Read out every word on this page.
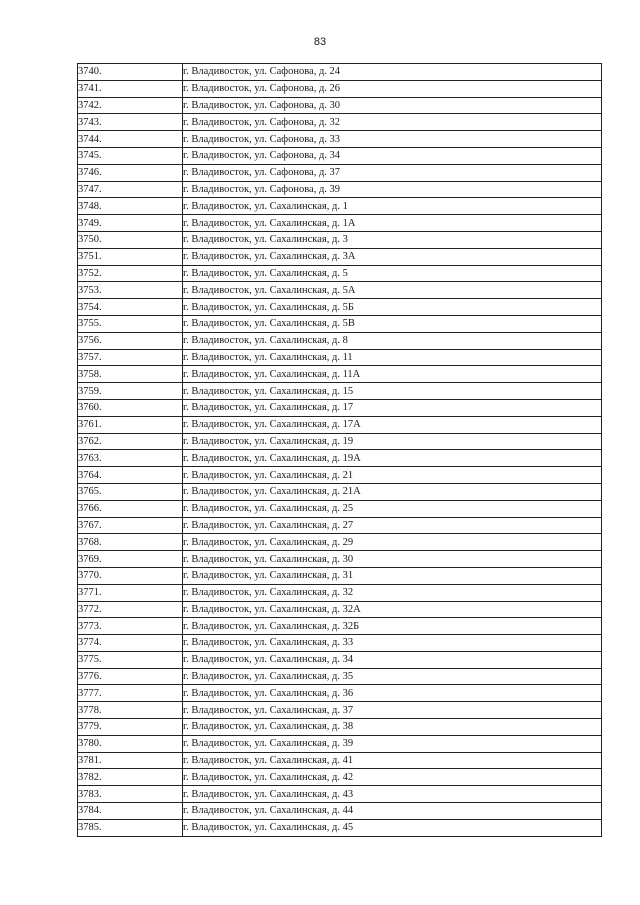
83
3740.	г. Владивосток, ул. Сафонова, д. 24
3741.	г. Владивосток, ул. Сафонова, д. 26
3742.	г. Владивосток, ул. Сафонова, д. 30
3743.	г. Владивосток, ул. Сафонова, д. 32
3744.	г. Владивосток, ул. Сафонова, д. 33
3745.	г. Владивосток, ул. Сафонова, д. 34
3746.	г. Владивосток, ул. Сафонова, д. 37
3747.	г. Владивосток, ул. Сафонова, д. 39
3748.	г. Владивосток, ул. Сахалинская, д. 1
3749.	г. Владивосток, ул. Сахалинская, д. 1А
3750.	г. Владивосток, ул. Сахалинская, д. 3
3751.	г. Владивосток, ул. Сахалинская, д. 3А
3752.	г. Владивосток, ул. Сахалинская, д. 5
3753.	г. Владивосток, ул. Сахалинская, д. 5А
3754.	г. Владивосток, ул. Сахалинская, д. 5Б
3755.	г. Владивосток, ул. Сахалинская, д. 5В
3756.	г. Владивосток, ул. Сахалинская, д. 8
3757.	г. Владивосток, ул. Сахалинская, д. 11
3758.	г. Владивосток, ул. Сахалинская, д. 11А
3759.	г. Владивосток, ул. Сахалинская, д. 15
3760.	г. Владивосток, ул. Сахалинская, д. 17
3761.	г. Владивосток, ул. Сахалинская, д. 17А
3762.	г. Владивосток, ул. Сахалинская, д. 19
3763.	г. Владивосток, ул. Сахалинская, д. 19А
3764.	г. Владивосток, ул. Сахалинская, д. 21
3765.	г. Владивосток, ул. Сахалинская, д. 21А
3766.	г. Владивосток, ул. Сахалинская, д. 25
3767.	г. Владивосток, ул. Сахалинская, д. 27
3768.	г. Владивосток, ул. Сахалинская, д. 29
3769.	г. Владивосток, ул. Сахалинская, д. 30
3770.	г. Владивосток, ул. Сахалинская, д. 31
3771.	г. Владивосток, ул. Сахалинская, д. 32
3772.	г. Владивосток, ул. Сахалинская, д. 32А
3773.	г. Владивосток, ул. Сахалинская, д. 32Б
3774.	г. Владивосток, ул. Сахалинская, д. 33
3775.	г. Владивосток, ул. Сахалинская, д. 34
3776.	г. Владивосток, ул. Сахалинская, д. 35
3777.	г. Владивосток, ул. Сахалинская, д. 36
3778.	г. Владивосток, ул. Сахалинская, д. 37
3779.	г. Владивосток, ул. Сахалинская, д. 38
3780.	г. Владивосток, ул. Сахалинская, д. 39
3781.	г. Владивосток, ул. Сахалинская, д. 41
3782.	г. Владивосток, ул. Сахалинская, д. 42
3783.	г. Владивосток, ул. Сахалинская, д. 43
3784.	г. Владивосток, ул. Сахалинская, д. 44
3785.	г. Владивосток, ул. Сахалинская, д. 45
